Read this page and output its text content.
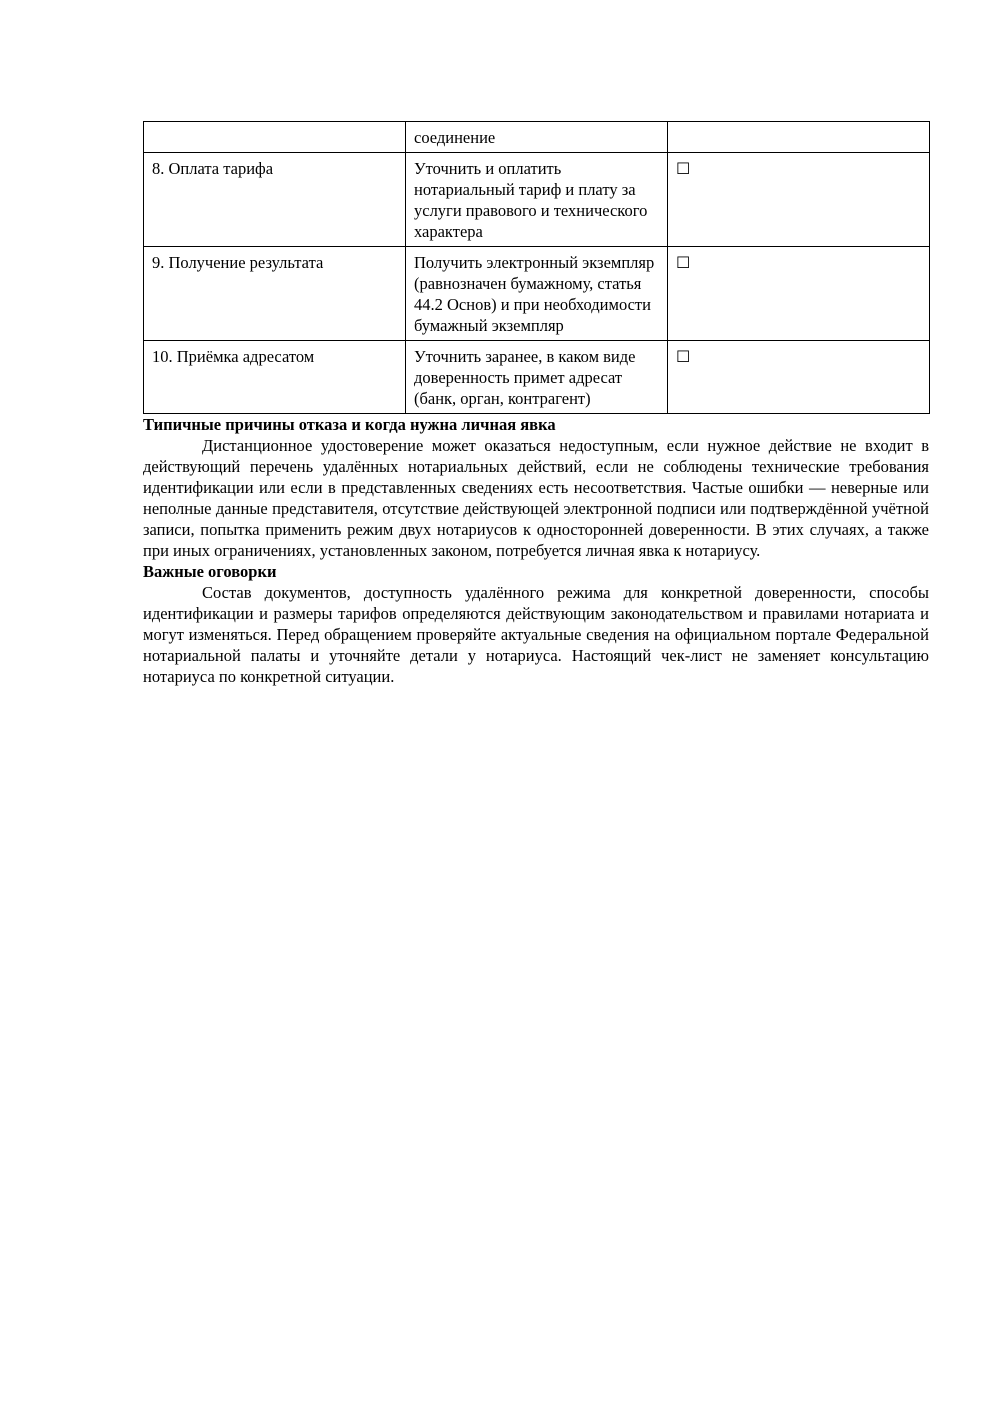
	соединение	
8. Оплата тарифа	Уточнить и оплатить нотариальный тариф и плату за услуги правового и технического характера	☐
9. Получение результата	Получить электронный экземпляр (равнозначен бумажному, статья 44.2 Основ) и при необходимости бумажный экземпляр	☐
10. Приёмка адресатом	Уточнить заранее, в каком виде доверенность примет адресат (банк, орган, контрагент)	☐
Типичные причины отказа и когда нужна личная явка

Дистанционное удостоверение может оказаться недоступным, если нужное действие не входит в действующий перечень удалённых нотариальных действий, если не соблюдены технические требования идентификации или если в представленных сведениях есть несоответствия. Частые ошибки — неверные или неполные данные представителя, отсутствие действующей электронной подписи или подтверждённой учётной записи, попытка применить режим двух нотариусов к односторонней доверенности. В этих случаях, а также при иных ограничениях, установленных законом, потребуется личная явка к нотариусу.

Важные оговорки

Состав документов, доступность удалённого режима для конкретной доверенности, способы идентификации и размеры тарифов определяются действующим законодательством и правилами нотариата и могут изменяться. Перед обращением проверяйте актуальные сведения на официальном портале Федеральной нотариальной палаты и уточняйте детали у нотариуса. Настоящий чек-лист не заменяет консультацию нотариуса по конкретной ситуации.
